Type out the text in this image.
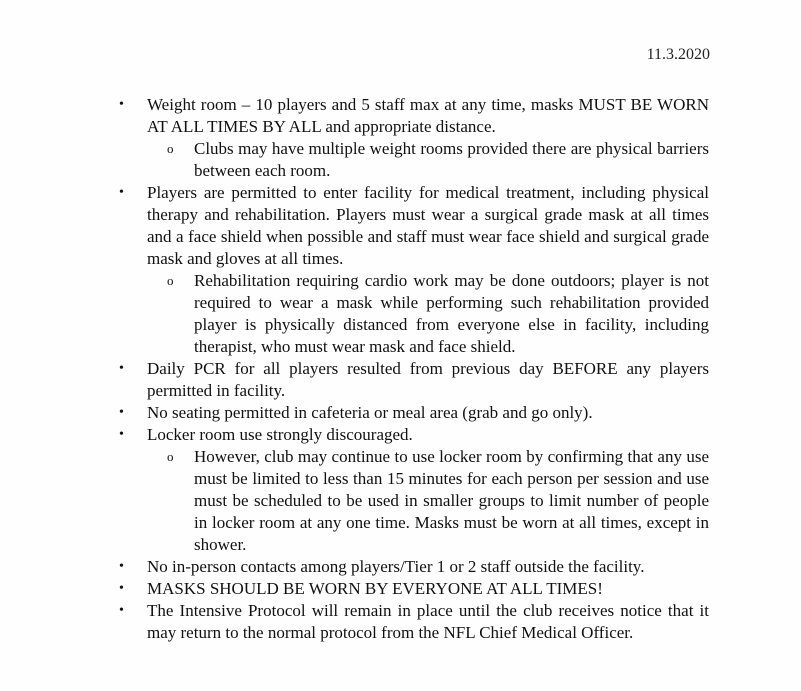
11.3.2020
• Weight room – 10 players and 5 staff max at any time, masks MUST BE WORN AT ALL TIMES BY ALL and appropriate distance.
o Clubs may have multiple weight rooms provided there are physical barriers between each room.
• Players are permitted to enter facility for medical treatment, including physical therapy and rehabilitation. Players must wear a surgical grade mask at all times and a face shield when possible and staff must wear face shield and surgical grade mask and gloves at all times.
o Rehabilitation requiring cardio work may be done outdoors; player is not required to wear a mask while performing such rehabilitation provided player is physically distanced from everyone else in facility, including therapist, who must wear mask and face shield.
• Daily PCR for all players resulted from previous day BEFORE any players permitted in facility.
• No seating permitted in cafeteria or meal area (grab and go only).
• Locker room use strongly discouraged.
o However, club may continue to use locker room by confirming that any use must be limited to less than 15 minutes for each person per session and use must be scheduled to be used in smaller groups to limit number of people in locker room at any one time. Masks must be worn at all times, except in shower.
• No in-person contacts among players/Tier 1 or 2 staff outside the facility.
• MASKS SHOULD BE WORN BY EVERYONE AT ALL TIMES!
• The Intensive Protocol will remain in place until the club receives notice that it may return to the normal protocol from the NFL Chief Medical Officer.
